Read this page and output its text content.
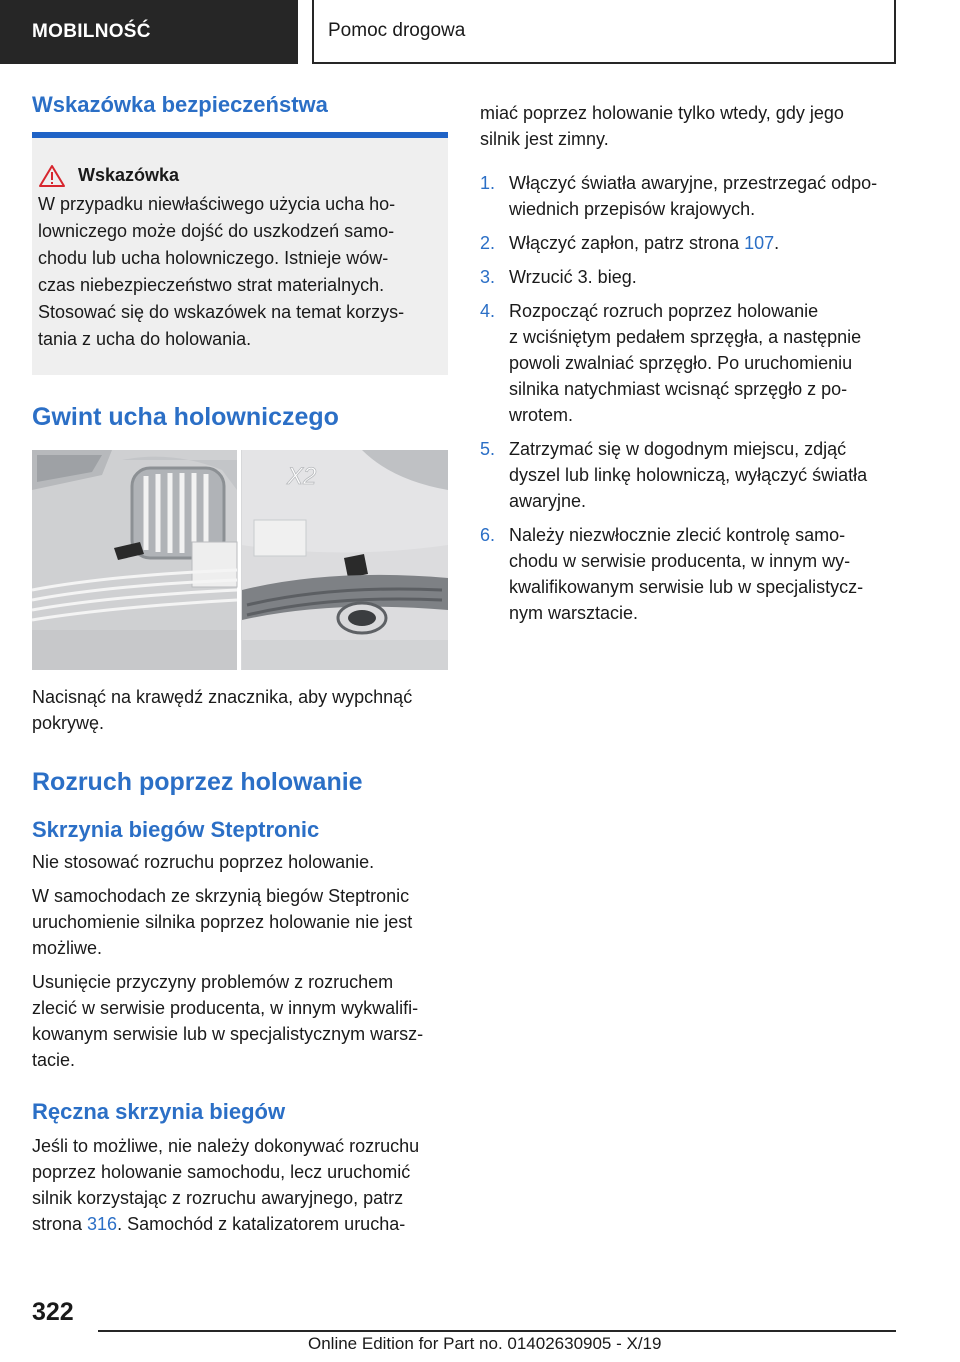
MOBILNOŚĆ	Pomoc drogowa
Wskazówka bezpieczeństwa
Wskazówka
W przypadku niewłaściwego użycia ucha ho‐
lowniczego może dojść do uszkodzeń samo‐
chodu lub ucha holowniczego. Istnieje wów‐
czas niebezpieczeństwo strat materialnych.
Stosować się do wskazówek na temat korzys‐
tania z ucha do holowania.
Gwint ucha holowniczego
X2
Nacisnąć na krawędź znacznika, aby wypchnąć
pokrywę.
Rozruch poprzez holowanie
Skrzynia biegów Steptronic

Nie stosować rozruchu poprzez holowanie.

W samochodach ze skrzynią biegów Steptronic
uruchomienie silnika poprzez holowanie nie jest
możliwe.
Usunięcie przyczyny problemów z rozruchem
zlecić w serwisie producenta, w innym wykwalifi‐
kowanym serwisie lub w specjalistycznym warsz‐
tacie.
Ręczna skrzynia biegów
Jeśli to możliwe, nie należy dokonywać rozruchu
poprzez holowanie samochodu, lecz uruchomić
silnik korzystając z rozruchu awaryjnego, patrz
strona 316. Samochód z katalizatorem urucha‐
miać poprzez holowanie tylko wtedy, gdy jego
silnik jest zimny.
1. Włączyć światła awaryjne, przestrzegać odpo‐
wiednich przepisów krajowych.
2. Włączyć zapłon, patrz strona 107.
3. Wrzucić 3. bieg.
4. Rozpocząć rozruch poprzez holowanie
z wciśniętym pedałem sprzęgła, a następnie
powoli zwalniać sprzęgło. Po uruchomieniu
silnika natychmiast wcisnąć sprzęgło z po‐
wrotem.
5. Zatrzymać się w dogodnym miejscu, zdjąć
dyszel lub linkę holowniczą, wyłączyć światła
awaryjne.
6. Należy niezwłocznie zlecić kontrolę samo‐
chodu w serwisie producenta, w innym wy‐
kwalifikowanym serwisie lub w specjalistycz‐
nym warsztacie.
322
Online Edition for Part no. 01402630905 - X/19
